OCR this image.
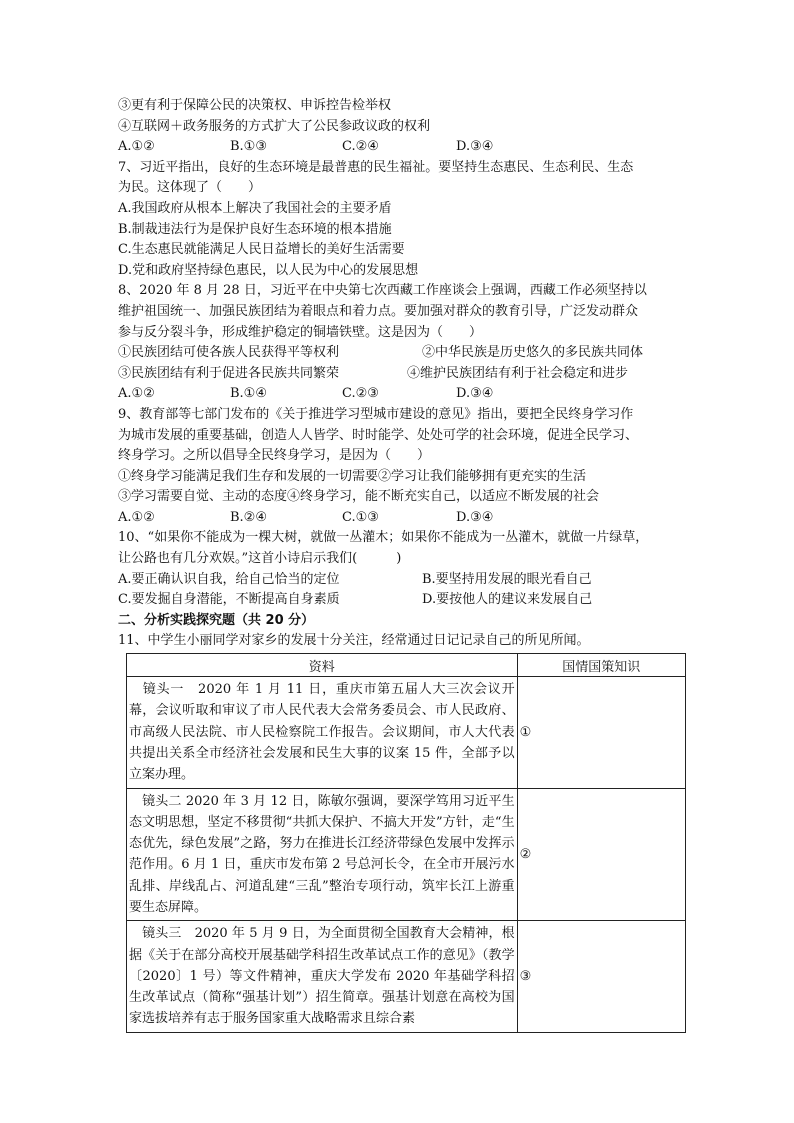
③更有利于保障公民的决策权、申诉控告检举权
④互联网＋政务服务的方式扩大了公民参政议政的权利
A.①②	B.①③	C.②④	D.③④
7、习近平指出，良好的生态环境是最普惠的民生福祉。要坚持生态惠民、生态利民、生态
为民。这体现了（　　）
A.我国政府从根本上解决了我国社会的主要矛盾
B.制裁违法行为是保护良好生态环境的根本措施
C.生态惠民就能满足人民日益增长的美好生活需要
D.党和政府坚持绿色惠民，以人民为中心的发展思想
8、2020 年 8 月 28 日，习近平在中央第七次西藏工作座谈会上强调，西藏工作必须坚持以
维护祖国统一、加强民族团结为着眼点和着力点。要加强对群众的教育引导，广泛发动群众
参与反分裂斗争，形成维护稳定的铜墙铁壁。这是因为（　　）
①民族团结可使各族人民获得平等权利	②中华民族是历史悠久的多民族共同体
③民族团结有利于促进各民族共同繁荣	④维护民族团结有利于社会稳定和进步
A.①②	B.①④	C.②③	D.③④
9、教育部等七部门发布的《关于推进学习型城市建设的意见》指出，要把全民终身学习作
为城市发展的重要基础，创造人人皆学、时时能学、处处可学的社会环境，促进全民学习、
终身学习。之所以倡导全民终身学习，是因为（　　）
①终身学习能满足我们生存和发展的一切需要②学习让我们能够拥有更充实的生活
③学习需要自觉、主动的态度④终身学习，能不断充实自己，以适应不断发展的社会
A.①②	B.②④	C.①③	D.③④
10、“如果你不能成为一棵大树，就做一丛灌木；如果你不能成为一丛灌木，就做一片绿草，
让公路也有几分欢娱。”这首小诗启示我们(　　　)
A.要正确认识自我，给自己恰当的定位	B.要坚持用发展的眼光看自己
C.要发掘自身潜能，不断提高自身素质	D.要按他人的建议来发展自己
二、分析实践探究题（共 20 分）
11、中学生小丽同学对家乡的发展十分关注，经常通过日记记录自己的所见所闻。
资料	国情国策知识
　镜头一　2020 年 1 月 11 日，重庆市第五届人大三次会议开幕，会议听取和审议了市人民代表大会常务委员会、市人民政府、市高级人民法院、市人民检察院工作报告。会议期间，市人大代表共提出关系全市经济社会发展和民生大事的议案 15 件，全部予以立案办理。	①
　镜头二 2020 年 3 月 12 日，陈敏尔强调，要深学笃用习近平生态文明思想，坚定不移贯彻“共抓大保护、不搞大开发”方针，走“生态优先，绿色发展”之路，努力在推进长江经济带绿色发展中发挥示范作用。6 月 1 日，重庆市发布第 2 号总河长令，在全市开展污水乱排、岸线乱占、河道乱建“三乱”整治专项行动，筑牢长江上游重要生态屏障。	②
　镜头三　2020 年 5 月 9 日，为全面贯彻全国教育大会精神，根据《关于在部分高校开展基础学科招生改革试点工作的意见》（教学〔2020〕1 号）等文件精神，重庆大学发布 2020 年基础学科招生改革试点（简称“强基计划”）招生简章。强基计划意在高校为国家选拔培养有志于服务国家重大战略需求且综合素	③
